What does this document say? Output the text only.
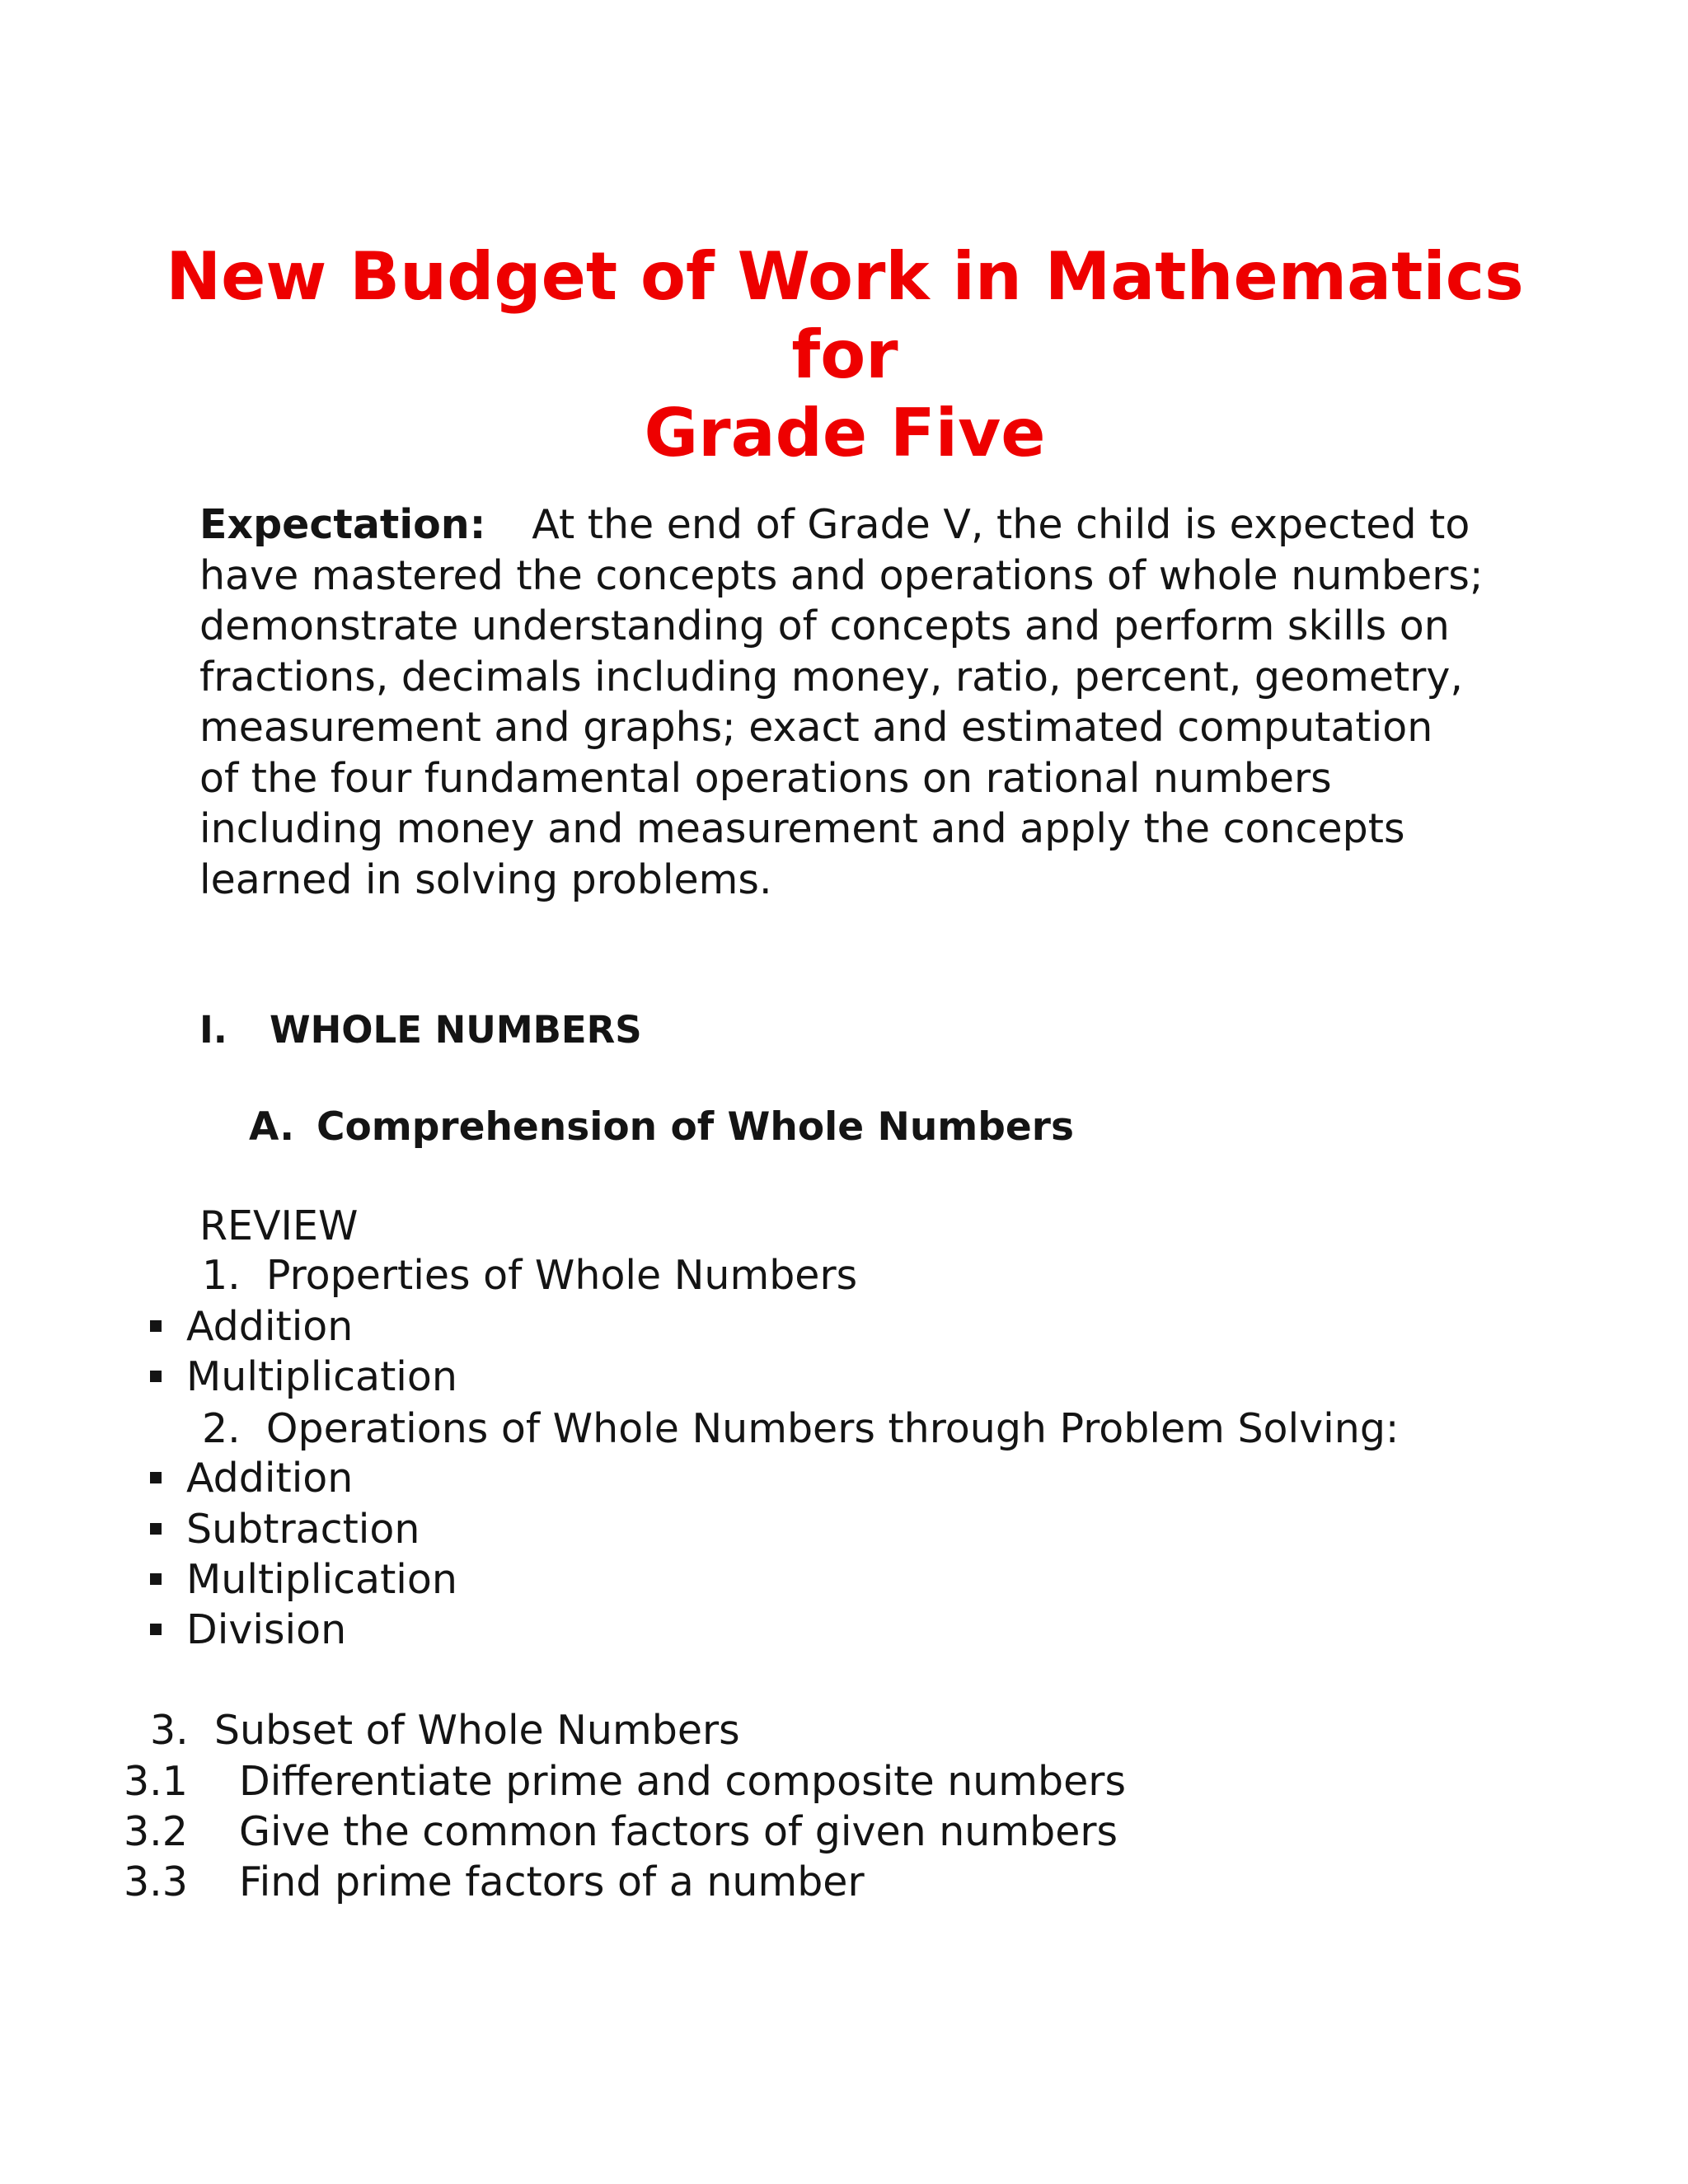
New Budget of Work in Mathematics for
Grade Five
Expectation: At the end of Grade V, the child is expected to
have mastered the concepts and operations of whole numbers;
demonstrate understanding of concepts and perform skills on
fractions, decimals including money, ratio, percent, geometry,
measurement and graphs; exact and estimated computation
of the four fundamental operations on rational numbers
including money and measurement and apply the concepts
learned in solving problems.
I. WHOLE NUMBERS
A. Comprehension of Whole Numbers
REVIEW
1. Properties of Whole Numbers
Addition
Multiplication
2. Operations of Whole Numbers through Problem Solving:
Addition
Subtraction
Multiplication
Division
3. Subset of Whole Numbers
3.1 Differentiate prime and composite numbers
3.2 Give the common factors of given numbers
3.3 Find prime factors of a number
